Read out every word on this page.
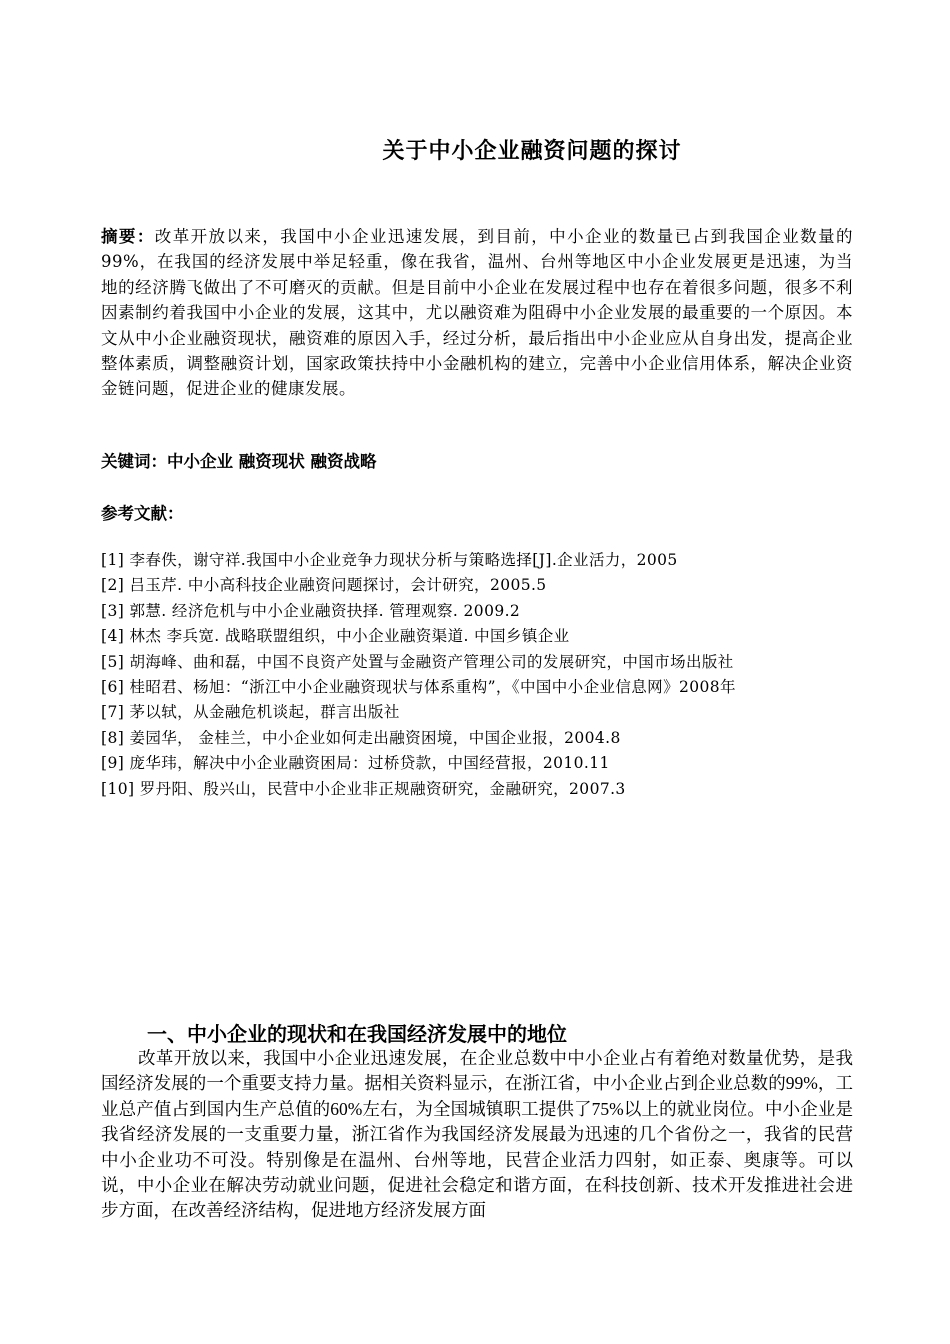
关于中小企业融资问题的探讨
摘要：改革开放以来，我国中小企业迅速发展，到目前，中小企业的数量已占到我国企业数量的99%，在我国的经济发展中举足轻重，像在我省，温州、台州等地区中小企业发展更是迅速，为当地的经济腾飞做出了不可磨灭的贡献。但是目前中小企业在发展过程中也存在着很多问题，很多不利因素制约着我国中小企业的发展，这其中，尤以融资难为阻碍中小企业发展的最重要的一个原因。本文从中小企业融资现状，融资难的原因入手，经过分析，最后指出中小企业应从自身出发，提高企业整体素质，调整融资计划，国家政策扶持中小金融机构的建立，完善中小企业信用体系，解决企业资金链问题，促进企业的健康发展。
关键词：中小企业 融资现状 融资战略
参考文献：
[1] 李春佚，谢守祥.我国中小企业竞争力现状分析与策略选择[J].企业活力，2005
[2] 吕玉芹. 中小高科技企业融资问题探讨，会计研究，2005.5
[3] 郭慧. 经济危机与中小企业融资抉择. 管理观察. 2009.2
[4] 林杰 李兵宽. 战略联盟组织，中小企业融资渠道. 中国乡镇企业
[5] 胡海峰、曲和磊，中国不良资产处置与金融资产管理公司的发展研究，中国市场出版社
[6] 桂昭君、杨旭：“浙江中小企业融资现状与体系重构”，《中国中小企业信息网》2008年
[7] 茅以轼，从金融危机谈起，群言出版社
[8] 姜园华， 金桂兰，中小企业如何走出融资困境，中国企业报，2004.8
[9] 庞华玮，解决中小企业融资困局：过桥贷款，中国经营报，2010.11
[10] 罗丹阳、殷兴山，民营中小企业非正规融资研究，金融研究，2007.3
一、中小企业的现状和在我国经济发展中的地位
改革开放以来，我国中小企业迅速发展，在企业总数中中小企业占有着绝对数量优势，是我国经济发展的一个重要支持力量。据相关资料显示，在浙江省，中小企业占到企业总数的99%，工业总产值占到国内生产总值的60%左右，为全国城镇职工提供了75%以上的就业岗位。中小企业是我省经济发展的一支重要力量，浙江省作为我国经济发展最为迅速的几个省份之一，我省的民营中小企业功不可没。特别像是在温州、台州等地，民营企业活力四射，如正泰、奥康等。可以说，中小企业在解决劳动就业问题，促进社会稳定和谐方面，在科技创新、技术开发推进社会进步方面，在改善经济结构，促进地方经济发展方面
